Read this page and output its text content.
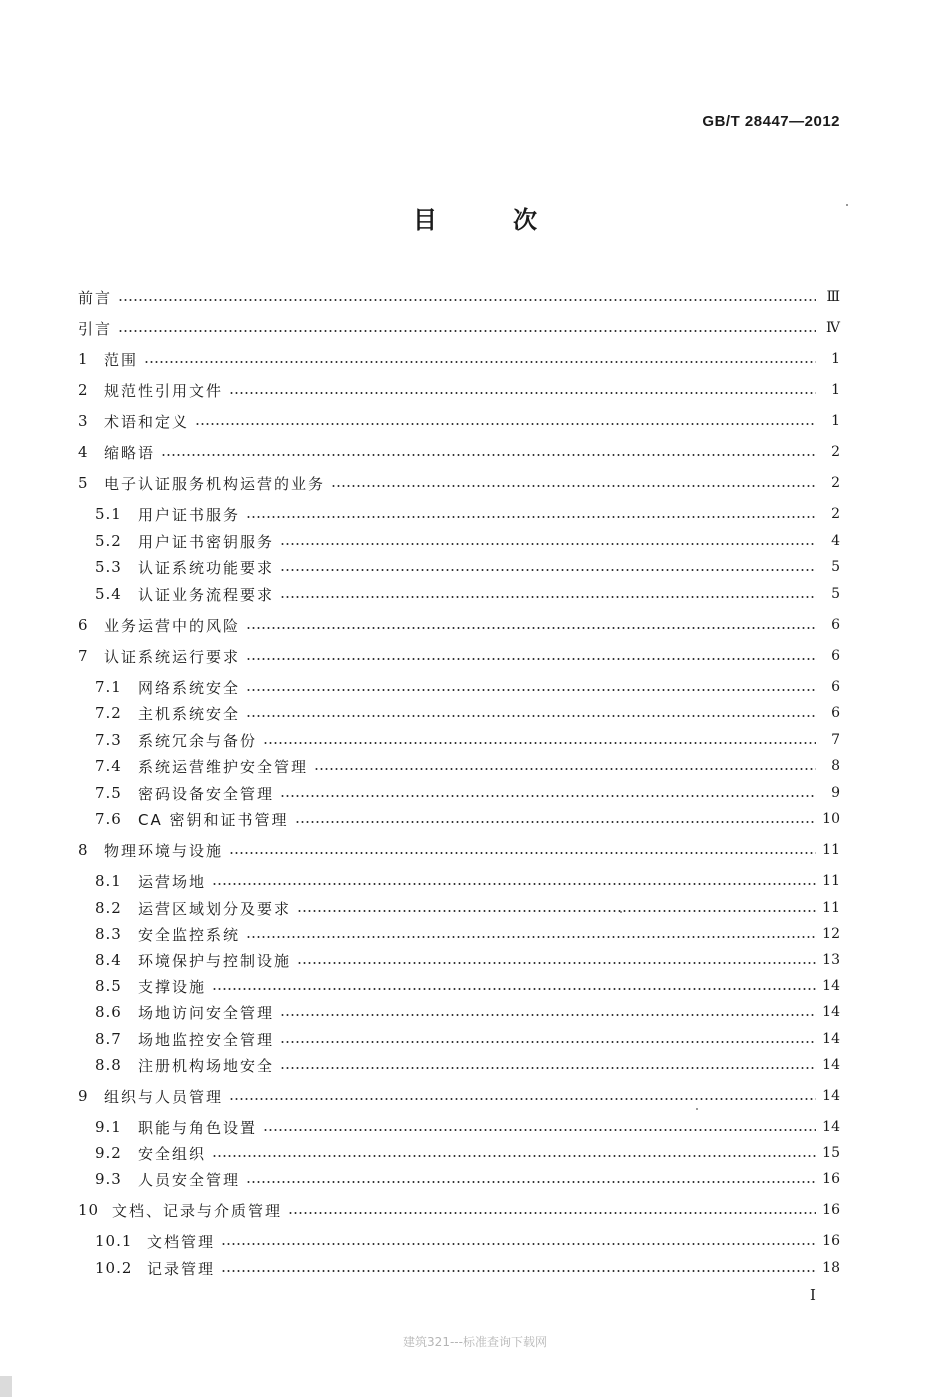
GB/T 28447—2012
目	次
前言	Ⅲ
引言	Ⅳ
1	范围	1
2	规范性引用文件	1
3	术语和定义	1
4	缩略语	2
5	电子认证服务机构运营的业务	2
5.1	用户证书服务	2
5.2	用户证书密钥服务	4
5.3	认证系统功能要求	5
5.4	认证业务流程要求	5
6	业务运营中的风险	6
7	认证系统运行要求	6
7.1	网络系统安全	6
7.2	主机系统安全	6
7.3	系统冗余与备份	7
7.4	系统运营维护安全管理	8
7.5	密码设备安全管理	9
7.6	CA 密钥和证书管理	10
8	物理环境与设施	11
8.1	运营场地	11
8.2	运营区域划分及要求	11
8.3	安全监控系统	12
8.4	环境保护与控制设施	13
8.5	支撑设施	14
8.6	场地访问安全管理	14
8.7	场地监控安全管理	14
8.8	注册机构场地安全	14
9	组织与人员管理	14
9.1	职能与角色设置	14
9.2	安全组织	15
9.3	人员安全管理	16
10 文档、记录与介质管理	16
10.1 文档管理	16
10.2 记录管理	18
I
建筑321---标准查询下载网
